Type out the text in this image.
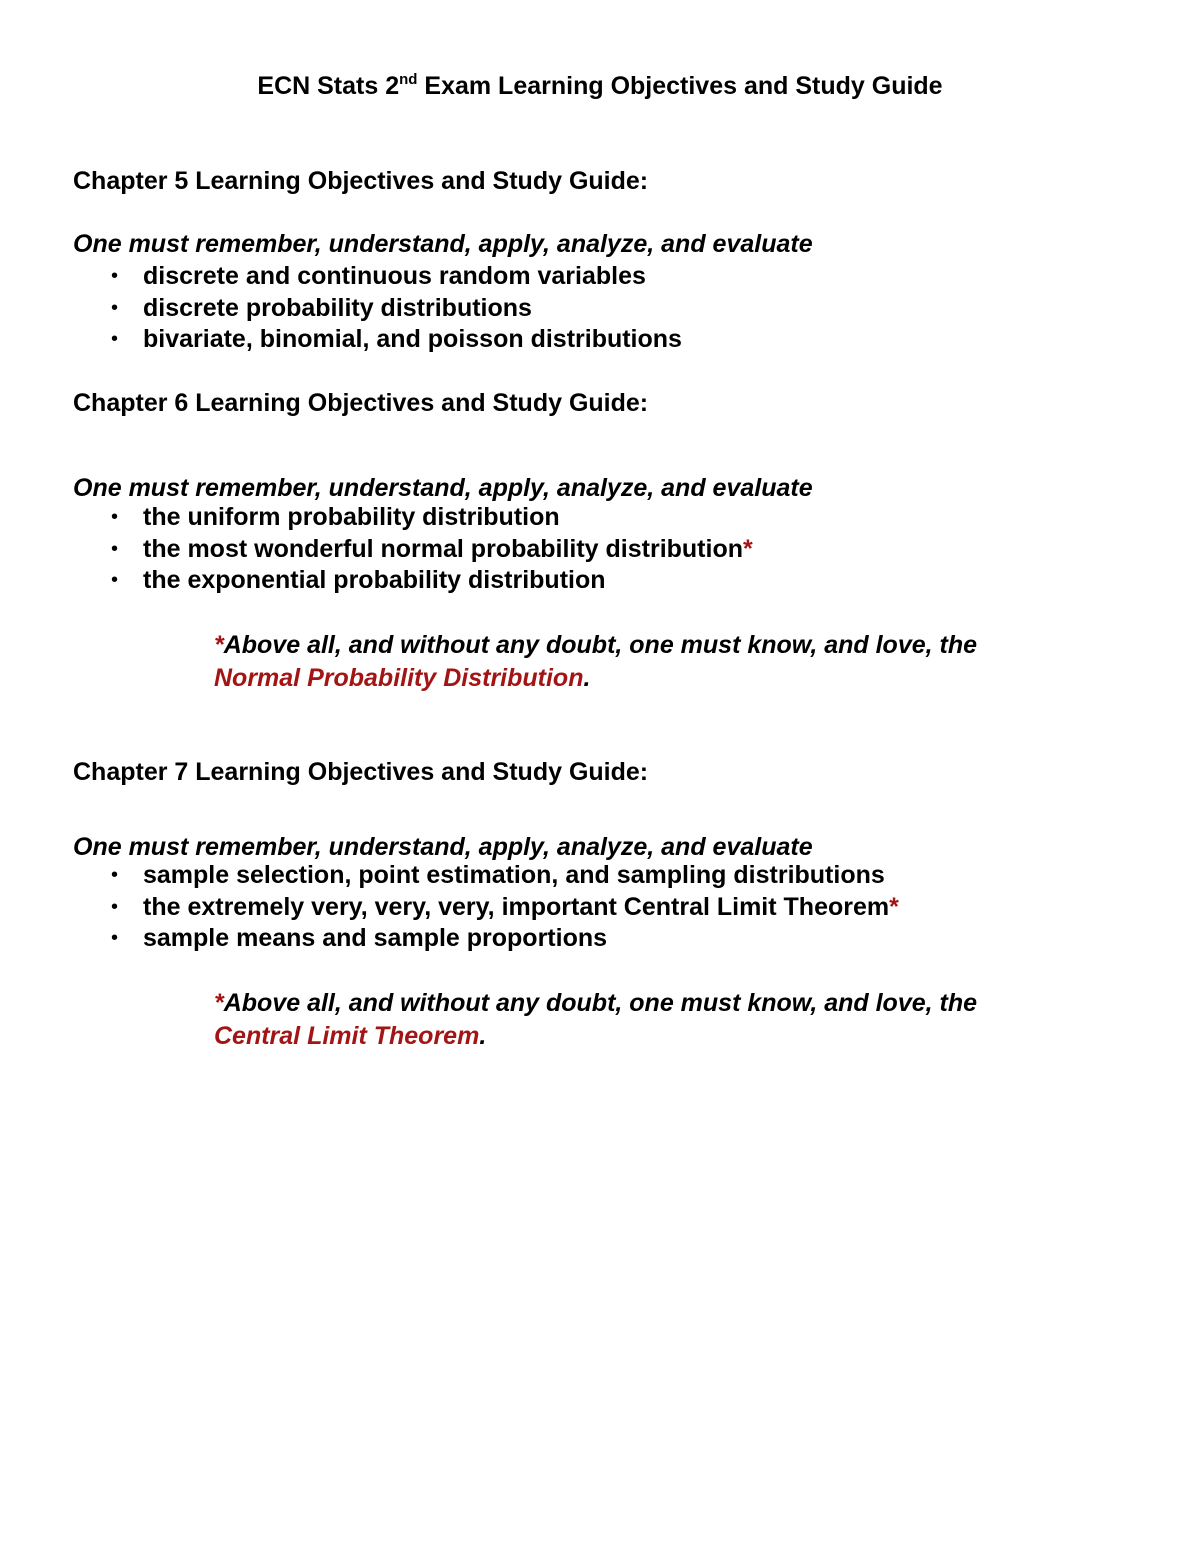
ECN Stats 2nd Exam Learning Objectives and Study Guide
Chapter 5 Learning Objectives and Study Guide:
One must remember, understand, apply, analyze, and evaluate
• discrete and continuous random variables
• discrete probability distributions
• bivariate, binomial, and poisson distributions
Chapter 6 Learning Objectives and Study Guide:
One must remember, understand, apply, analyze, and evaluate
• the uniform probability distribution
• the most wonderful normal probability distribution*
• the exponential probability distribution
*Above all, and without any doubt, one must know, and love, the
Normal Probability Distribution.
Chapter 7 Learning Objectives and Study Guide:
One must remember, understand, apply, analyze, and evaluate
• sample selection, point estimation, and sampling distributions
• the extremely very, very, very, important Central Limit Theorem*
• sample means and sample proportions
*Above all, and without any doubt, one must know, and love, the
Central Limit Theorem.
